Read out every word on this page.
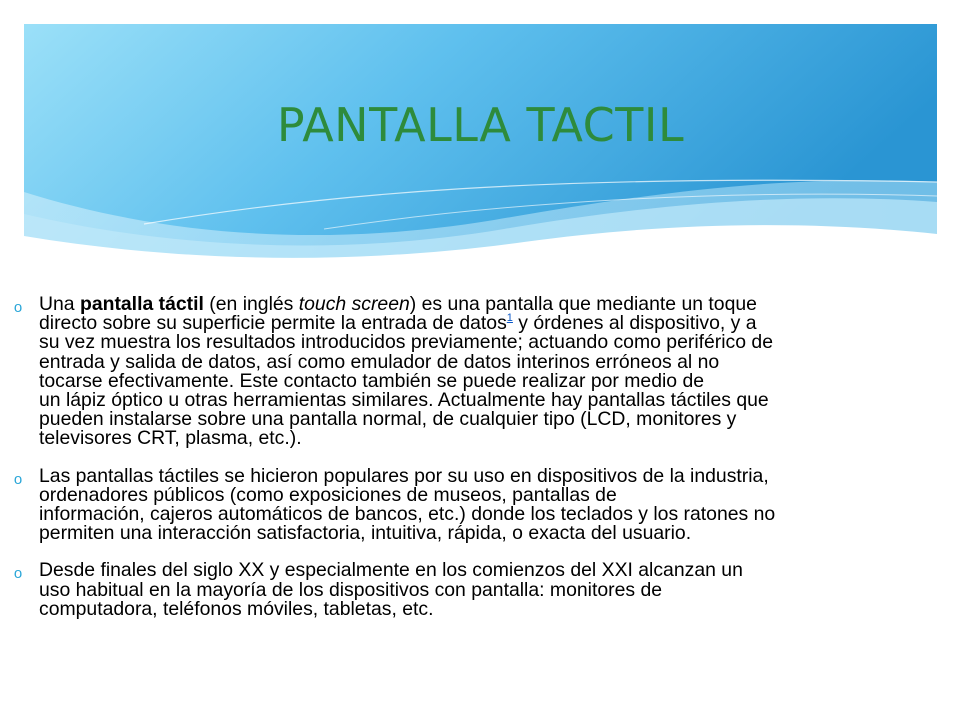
PANTALLA TACTIL
o Una pantalla táctil (en inglés touch screen) es una pantalla que mediante un toque
directo sobre su superficie permite la entrada de datos$^1$ y órdenes al dispositivo, y a
su vez muestra los resultados introducidos previamente; actuando como periférico de
entrada y salida de datos, así como emulador de datos interinos erróneos al no
tocarse efectivamente. Este contacto también se puede realizar por medio de
un lápiz óptico u otras herramientas similares. Actualmente hay pantallas táctiles que
pueden instalarse sobre una pantalla normal, de cualquier tipo (LCD, monitores y
televisores CRT, plasma, etc.).
o Las pantallas táctiles se hicieron populares por su uso en dispositivos de la industria,
ordenadores públicos (como exposiciones de museos, pantallas de
información, cajeros automáticos de bancos, etc.) donde los teclados y los ratones no
permiten una interacción satisfactoria, intuitiva, rápida, o exacta del usuario.
o Desde finales del siglo XX y especialmente en los comienzos del XXI alcanzan un
uso habitual en la mayoría de los dispositivos con pantalla: monitores de
computadora, teléfonos móviles, tabletas, etc.
